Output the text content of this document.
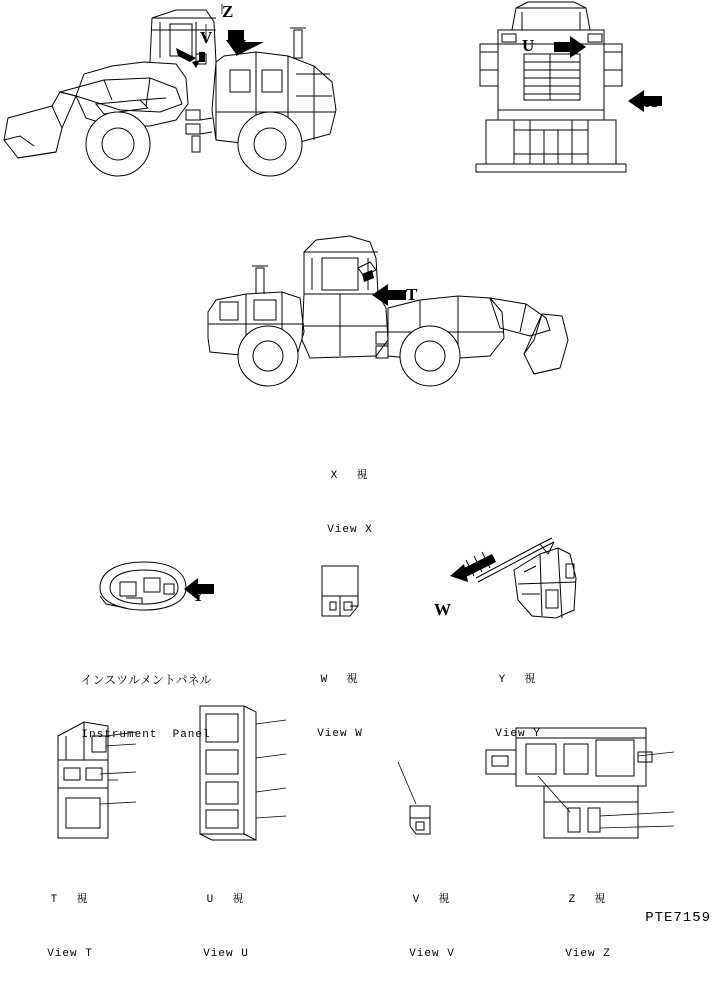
Z
V	U
X
T

X  視

View X

Y

インスツルメントパネル

Instrument  Panel

W  視

View W

W

Y  視

View Y

T  視

View T

U  視

View U

V  視

View V

Z  視

View Z

PTE7159
